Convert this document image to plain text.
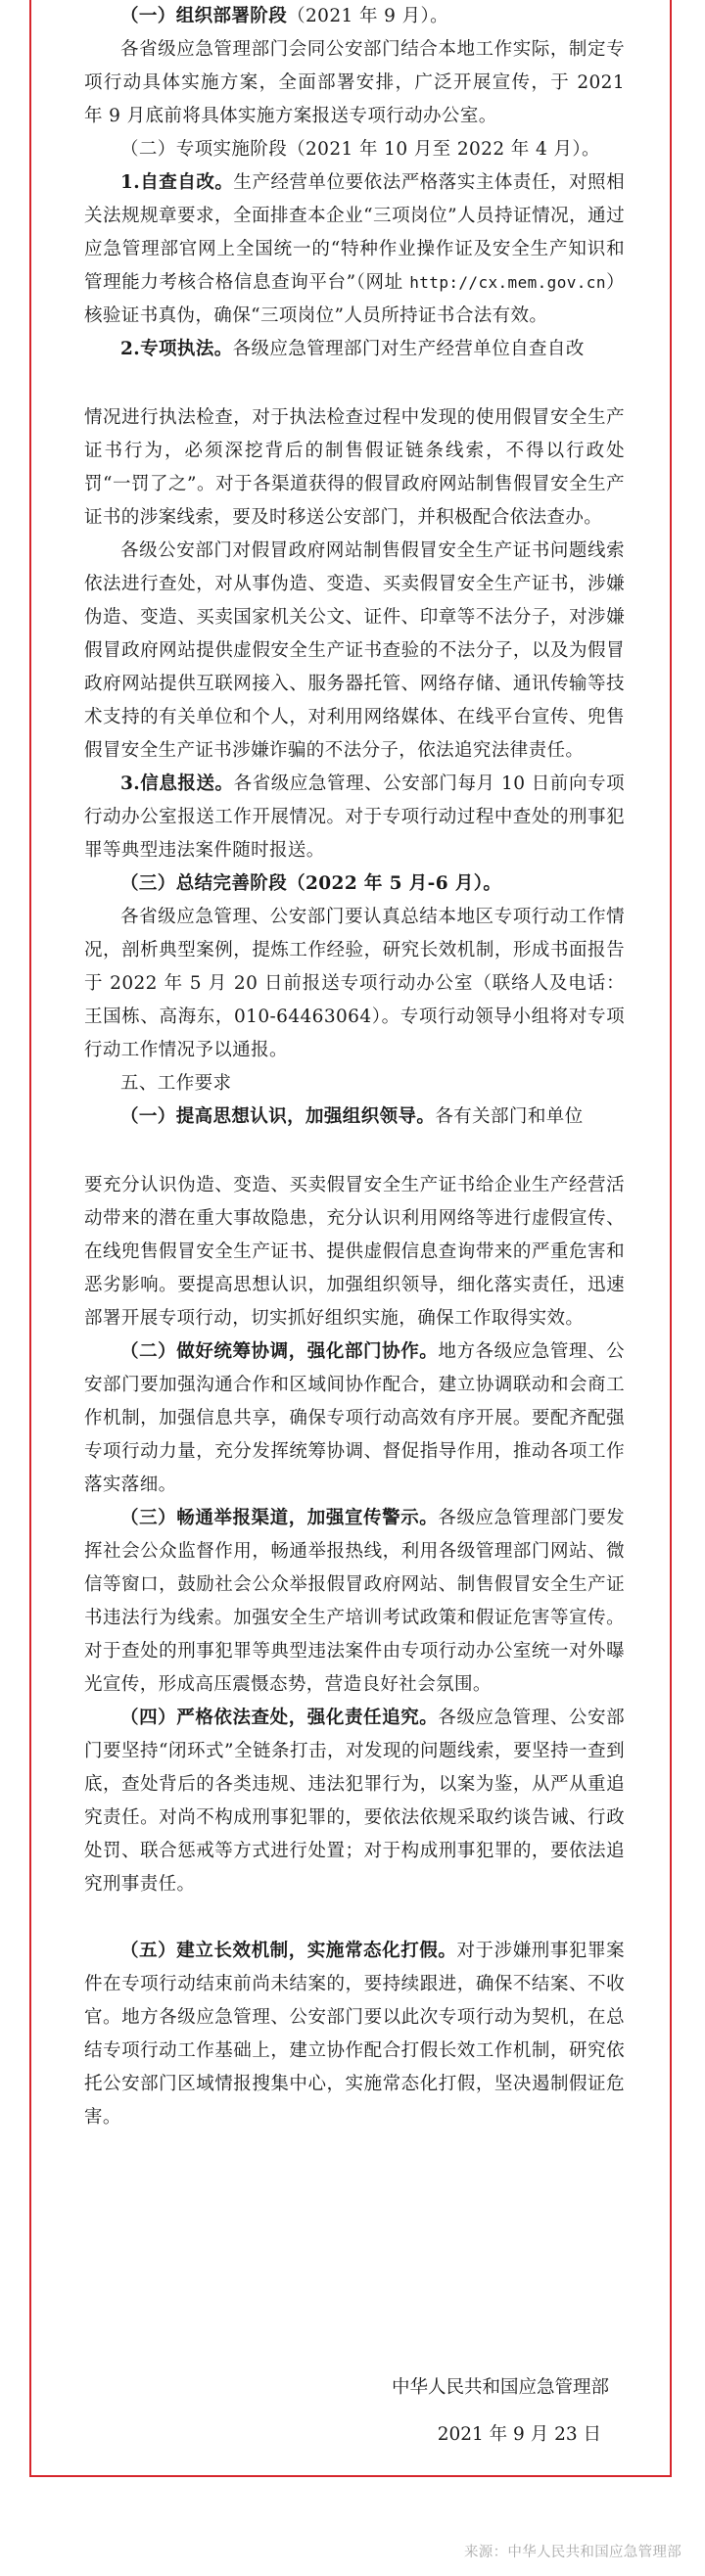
（一）组织部署阶段（2021 年 9 月）。

各省级应急管理部门会同公安部门结合本地工作实际，制定专项行动具体实施方案，全面部署安排，广泛开展宣传，于 2021 年 9 月底前将具体实施方案报送专项行动办公室。

（二）专项实施阶段（2021 年 10 月至 2022 年 4 月）。

1.自查自改。生产经营单位要依法严格落实主体责任，对照相关法规规章要求，全面排查本企业“三项岗位”人员持证情况，通过应急管理部官网上全国统一的“特种作业操作证及安全生产知识和管理能力考核合格信息查询平台”（网址 http://cx.mem.gov.cn）核验证书真伪，确保“三项岗位”人员所持证书合法有效。

2.专项执法。各级应急管理部门对生产经营单位自查自改

情况进行执法检查，对于执法检查过程中发现的使用假冒安全生产证书行为，必须深挖背后的制售假证链条线索，不得以行政处罚“一罚了之”。对于各渠道获得的假冒政府网站制售假冒安全生产证书的涉案线索，要及时移送公安部门，并积极配合依法查办。

各级公安部门对假冒政府网站制售假冒安全生产证书问题线索依法进行查处，对从事伪造、变造、买卖假冒安全生产证书，涉嫌伪造、变造、买卖国家机关公文、证件、印章等不法分子，对涉嫌假冒政府网站提供虚假安全生产证书查验的不法分子，以及为假冒政府网站提供互联网接入、服务器托管、网络存储、通讯传输等技术支持的有关单位和个人，对利用网络媒体、在线平台宣传、兜售假冒安全生产证书涉嫌诈骗的不法分子，依法追究法律责任。

3.信息报送。各省级应急管理、公安部门每月 10 日前向专项行动办公室报送工作开展情况。对于专项行动过程中查处的刑事犯罪等典型违法案件随时报送。

（三）总结完善阶段（2022 年 5 月-6 月）。

各省级应急管理、公安部门要认真总结本地区专项行动工作情况，剖析典型案例，提炼工作经验，研究长效机制，形成书面报告于 2022 年 5 月 20 日前报送专项行动办公室（联络人及电话：王国栋、高海东，010-64463064）。专项行动领导小组将对专项行动工作情况予以通报。

五、工作要求

（一）提高思想认识，加强组织领导。各有关部门和单位

要充分认识伪造、变造、买卖假冒安全生产证书给企业生产经营活动带来的潜在重大事故隐患，充分认识利用网络等进行虚假宣传、在线兜售假冒安全生产证书、提供虚假信息查询带来的严重危害和恶劣影响。要提高思想认识，加强组织领导，细化落实责任，迅速部署开展专项行动，切实抓好组织实施，确保工作取得实效。

（二）做好统筹协调，强化部门协作。地方各级应急管理、公安部门要加强沟通合作和区域间协作配合，建立协调联动和会商工作机制，加强信息共享，确保专项行动高效有序开展。要配齐配强专项行动力量，充分发挥统筹协调、督促指导作用，推动各项工作落实落细。

（三）畅通举报渠道，加强宣传警示。各级应急管理部门要发挥社会公众监督作用，畅通举报热线，利用各级管理部门网站、微信等窗口，鼓励社会公众举报假冒政府网站、制售假冒安全生产证书违法行为线索。加强安全生产培训考试政策和假证危害等宣传。对于查处的刑事犯罪等典型违法案件由专项行动办公室统一对外曝光宣传，形成高压震慑态势，营造良好社会氛围。

（四）严格依法查处，强化责任追究。各级应急管理、公安部门要坚持“闭环式”全链条打击，对发现的问题线索，要坚持一查到底，查处背后的各类违规、违法犯罪行为，以案为鉴，从严从重追究责任。对尚不构成刑事犯罪的，要依法依规采取约谈告诫、行政处罚、联合惩戒等方式进行处置；对于构成刑事犯罪的，要依法追究刑事责任。

（五）建立长效机制，实施常态化打假。对于涉嫌刑事犯罪案件在专项行动结束前尚未结案的，要持续跟进，确保不结案、不收官。地方各级应急管理、公安部门要以此次专项行动为契机，在总结专项行动工作基础上，建立协作配合打假长效工作机制，研究依托公安部门区域情报搜集中心，实施常态化打假，坚决遏制假证危害。

中华人民共和国应急管理部
2021 年 9 月 23 日
来源：中华人民共和国应急管理部
